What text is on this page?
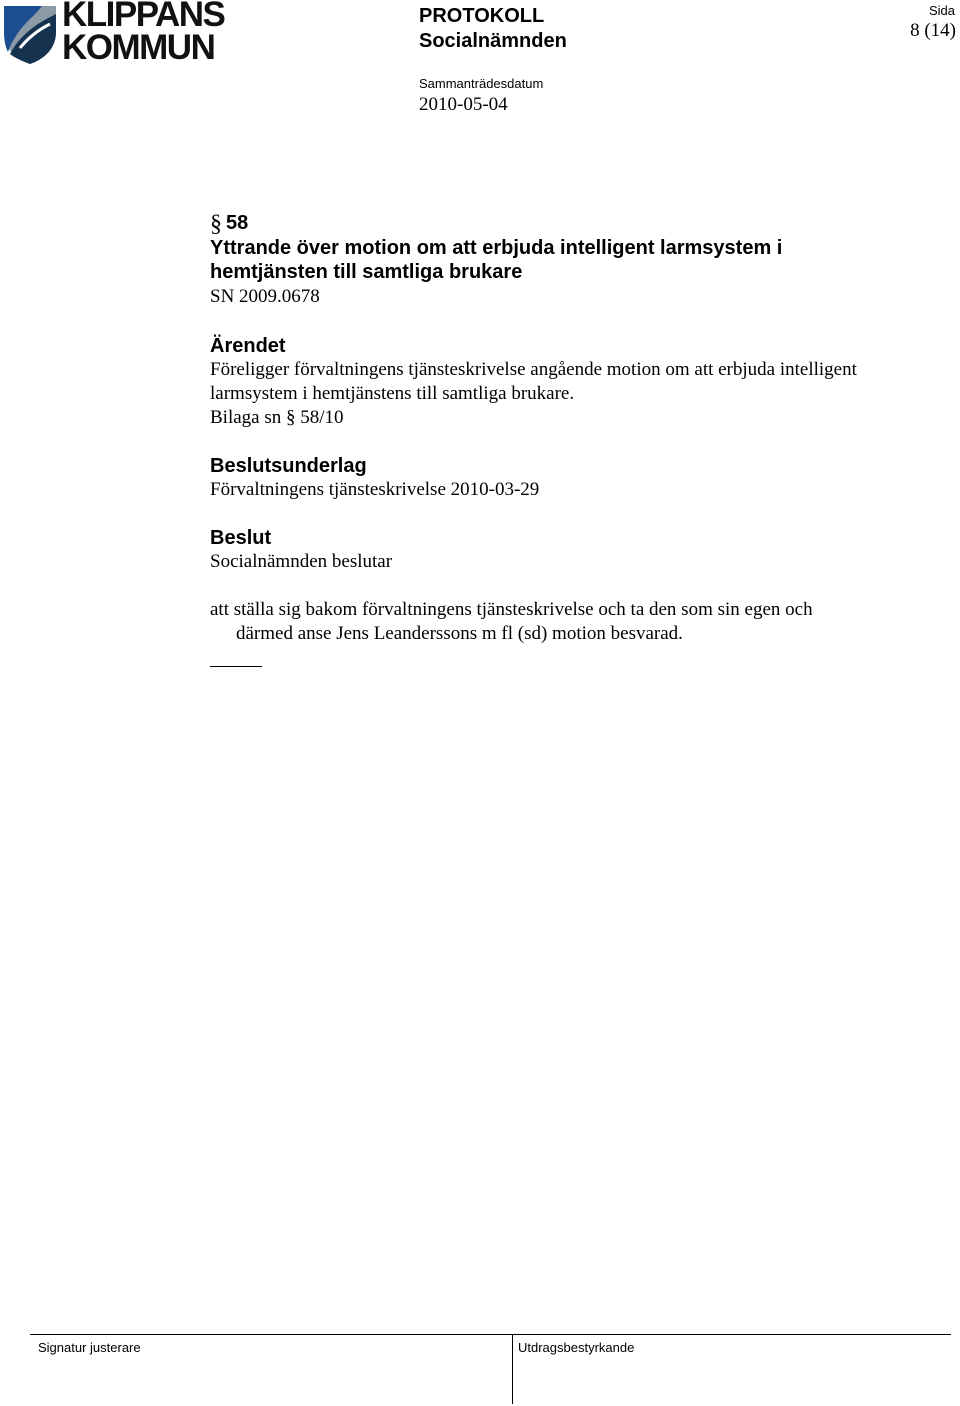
KLIPPANS
KOMMUN
PROTOKOLL
Socialnämnden
Sammanträdesdatum
2010-05-04
Sida
8 (14)
§ 58

Yttrande över motion om att erbjuda intelligent larmsystem i

hemtjänsten till samtliga brukare

SN 2009.0678

Ärendet

Föreligger förvaltningens tjänsteskrivelse angående motion om att erbjuda intelligent

larmsystem i hemtjänstens till samtliga brukare.

Bilaga sn § 58/10

Beslutsunderlag

Förvaltningens tjänsteskrivelse 2010-03-29

Beslut

Socialnämnden beslutar

att ställa sig bakom förvaltningens tjänsteskrivelse och ta den som sin egen och
därmed anse Jens Leanderssons m fl (sd) motion besvarad.

Signatur justerare	Utdragsbestyrkande
